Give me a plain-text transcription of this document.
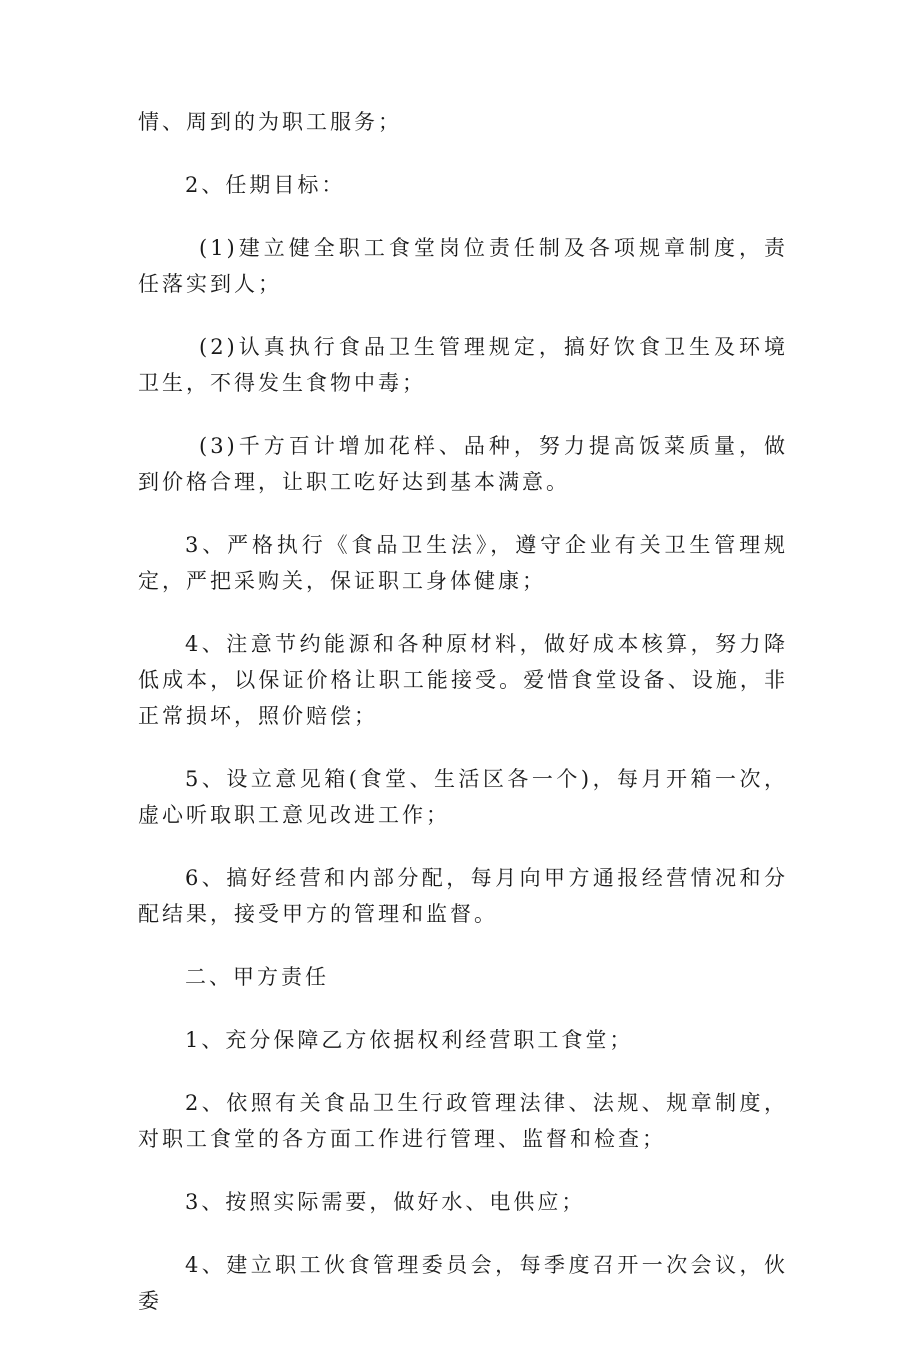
情、周到的为职工服务；

2、任期目标：

(1)建立健全职工食堂岗位责任制及各项规章制度，责任落实到人；

(2)认真执行食品卫生管理规定，搞好饮食卫生及环境卫生，不得发生食物中毒；

(3)千方百计增加花样、品种，努力提高饭菜质量，做到价格合理，让职工吃好达到基本满意。

3、严格执行《食品卫生法》，遵守企业有关卫生管理规定，严把采购关，保证职工身体健康；

4、注意节约能源和各种原材料，做好成本核算，努力降低成本，以保证价格让职工能接受。爱惜食堂设备、设施，非正常损坏，照价赔偿；

5、设立意见箱(食堂、生活区各一个)，每月开箱一次，虚心听取职工意见改进工作；

6、搞好经营和内部分配，每月向甲方通报经营情况和分配结果，接受甲方的管理和监督。

二、甲方责任

1、充分保障乙方依据权利经营职工食堂；

2、依照有关食品卫生行政管理法律、法规、规章制度，对职工食堂的各方面工作进行管理、监督和检查；

3、按照实际需要，做好水、电供应；

4、建立职工伙食管理委员会，每季度召开一次会议，伙委
